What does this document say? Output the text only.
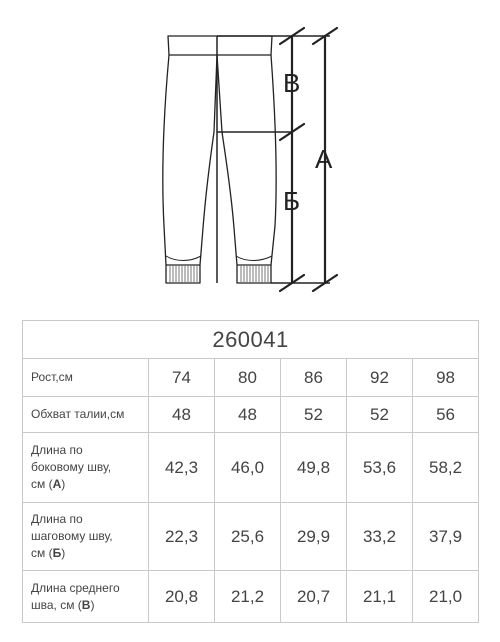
В
Б
А
260041					
Рост,см	74	80	86	92	98
Обхват талии,см	48	48	52	52	56
Длина по
боковому шву,
см (А)	42,3	46,0	49,8	53,6	58,2
Длина по
шаговому шву,
см (Б)	22,3	25,6	29,9	33,2	37,9
Длина среднего
шва, см (В)	20,8	21,2	20,7	21,1	21,0
